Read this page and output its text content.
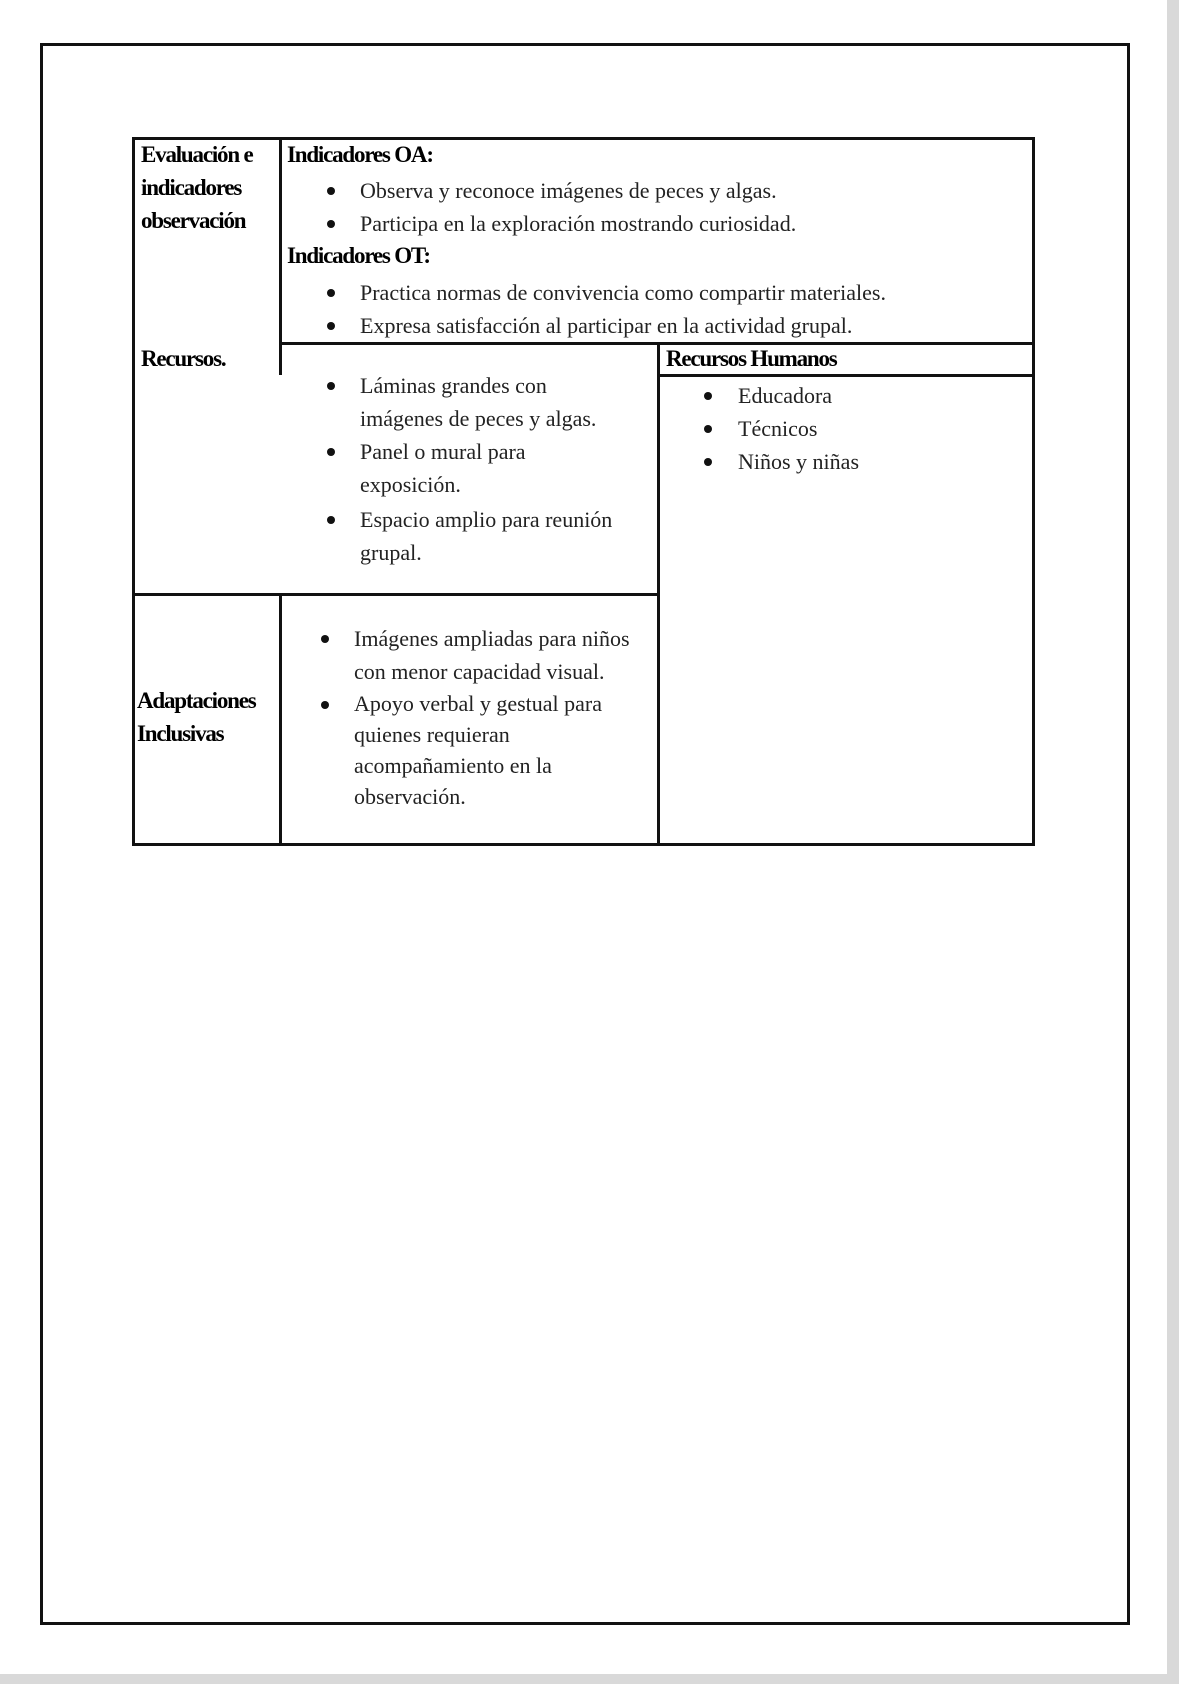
Evaluación e
indicadores
observación
Indicadores OA:
Observa y reconoce imágenes de peces y algas.
Participa en la exploración mostrando curiosidad.
Indicadores OT:
Practica normas de convivencia como compartir materiales.
Expresa satisfacción al participar en la actividad grupal.
Recursos.
Láminas grandes con
imágenes de peces y algas.
Panel o mural para
exposición.
Espacio amplio para reunión
grupal.
Recursos Humanos
Educadora
Técnicos
Niños y niñas
Adaptaciones
Inclusivas
Imágenes ampliadas para niños
con menor capacidad visual.
Apoyo verbal y gestual para
quienes requieran
acompañamiento en la
observación.
